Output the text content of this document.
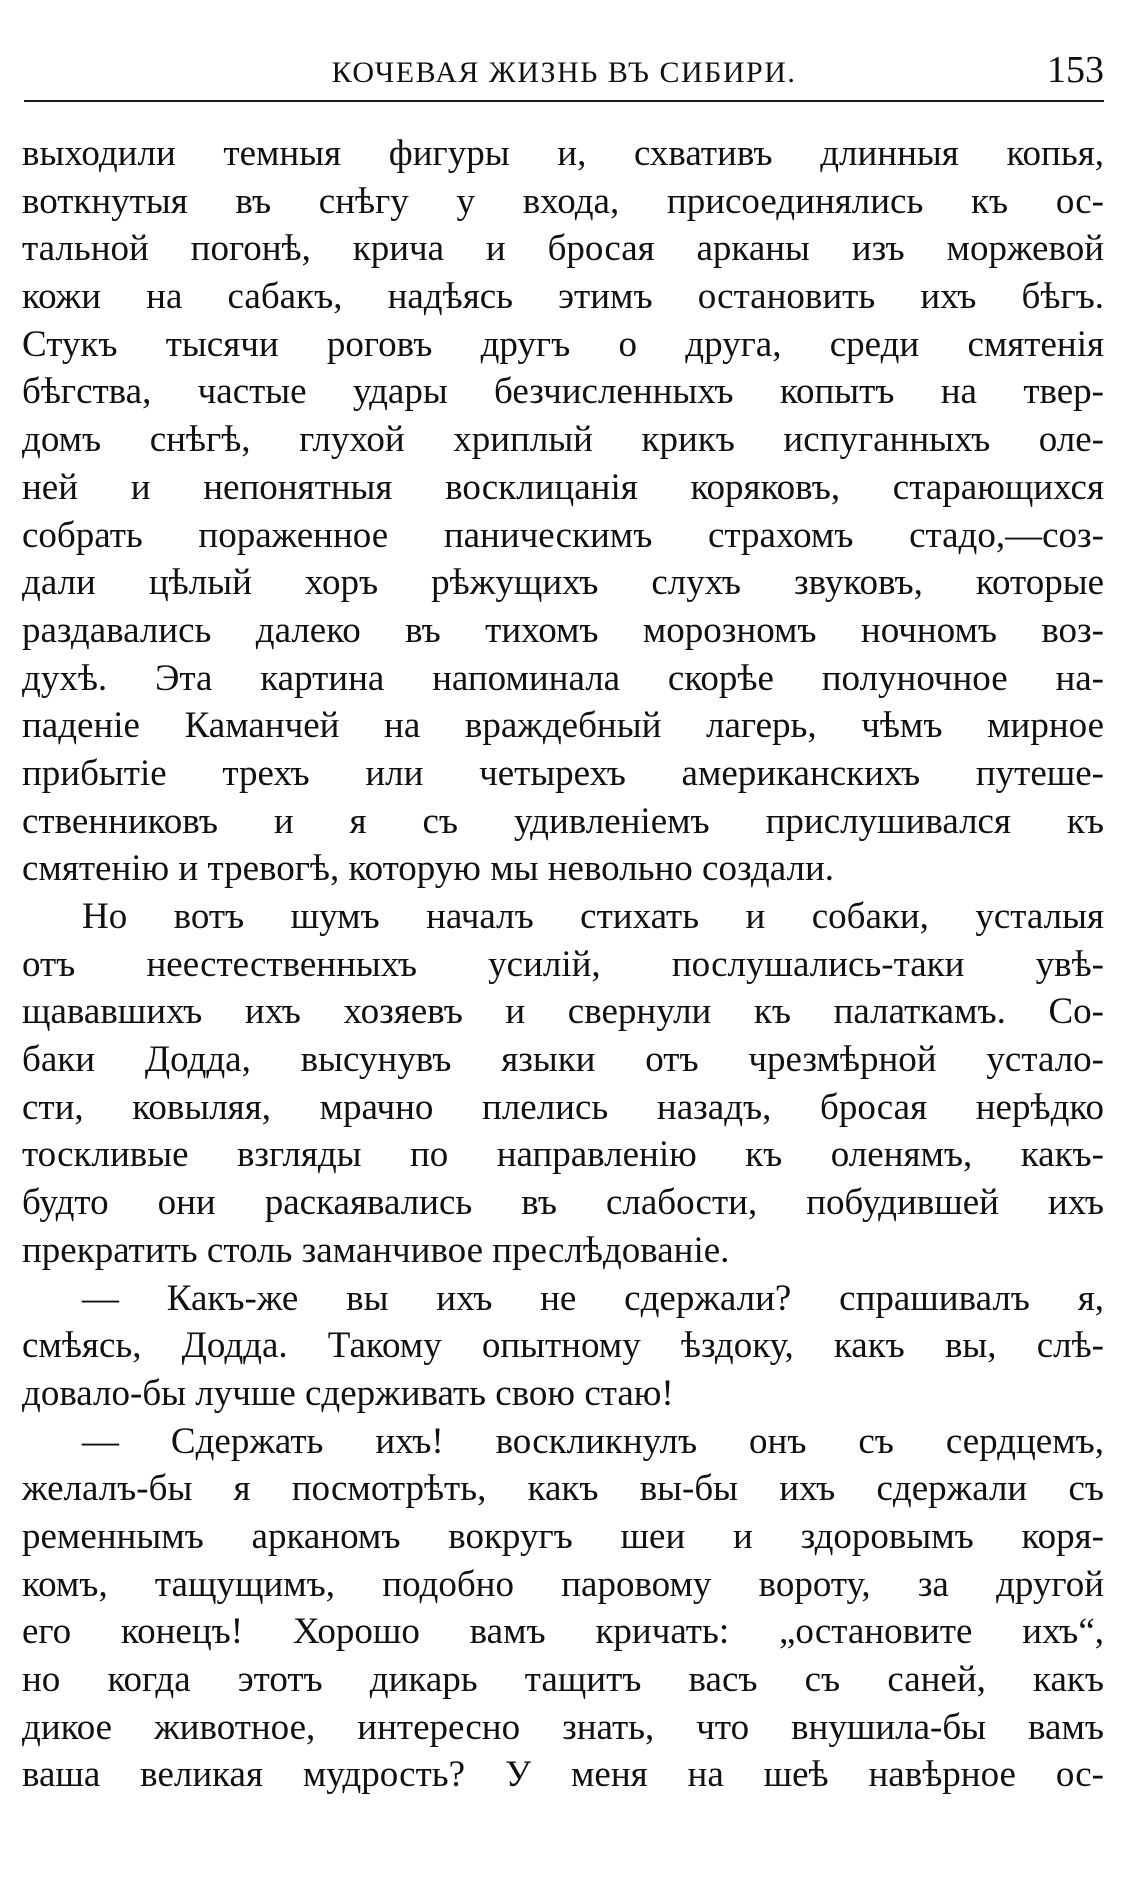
КОЧЕВАЯ ЖИЗНЬ ВЪ СИБИРИ.	153
выходили темныя фигуры и, схвативъ длинныя копья,
воткнутыя въ снѣгу у входа, присоединялись къ ос-
тальной погонѣ, крича и бросая арканы изъ моржевой
кожи на сабакъ, надѣясь этимъ остановить ихъ бѣгъ.
Стукъ тысячи роговъ другъ о друга, среди смятенія
бѣгства, частые удары безчисленныхъ копытъ на твер-
домъ снѣгѣ, глухой хриплый крикъ испуганныхъ оле-
ней и непонятныя восклицанія коряковъ, старающихся
собрать пораженное паническимъ страхомъ стадо,—соз-
дали цѣлый хоръ рѣжущихъ слухъ звуковъ, которые
раздавались далеко въ тихомъ морозномъ ночномъ воз-
духѣ. Эта картина напоминала скорѣе полуночное на-
паденіе Каманчей на враждебный лагерь, чѣмъ мирное
прибытіе трехъ или четырехъ американскихъ путеше-
ственниковъ и я съ удивленіемъ прислушивался къ
смятенію и тревогѣ, которую мы невольно создали.
Но вотъ шумъ началъ стихать и собаки, усталыя
отъ неестественныхъ усилій, послушались-таки увѣ-
щававшихъ ихъ хозяевъ и свернули къ палаткамъ. Со-
баки Додда, высунувъ языки отъ чрезмѣрной устало-
сти, ковыляя, мрачно плелись назадъ, бросая нерѣдко
тоскливые взгляды по направленію къ оленямъ, какъ-
будто они раскаявались въ слабости, побудившей ихъ
прекратить столь заманчивое преслѣдованіе.
— Какъ-же вы ихъ не сдержали? спрашивалъ я,
смѣясь, Додда. Такому опытному ѣздоку, какъ вы, слѣ-
довало-бы лучше сдерживать свою стаю!
— Сдержать ихъ! воскликнулъ онъ съ сердцемъ,
желалъ-бы я посмотрѣть, какъ вы-бы ихъ сдержали съ
ременнымъ арканомъ вокругъ шеи и здоровымъ коря-
комъ, тащущимъ, подобно паровому вороту, за другой
его конецъ! Хорошо вамъ кричать: „остановите ихъ“,
но когда этотъ дикарь тащитъ васъ съ саней, какъ
дикое животное, интересно знать, что внушила-бы вамъ
ваша великая мудрость? У меня на шеѣ навѣрное ос-
